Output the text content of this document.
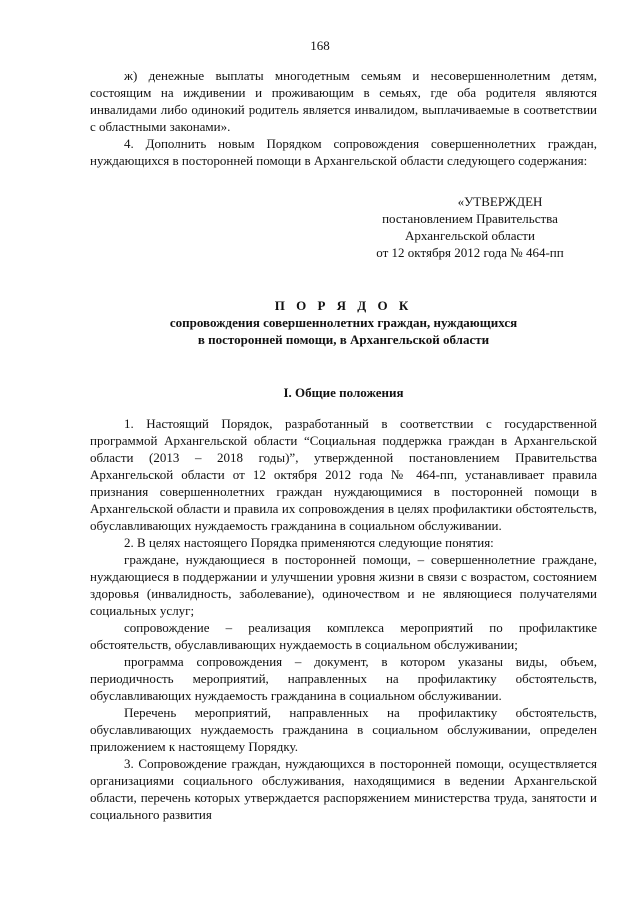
168

ж) денежные выплаты многодетным семьям и несовершеннолетним детям, состоящим на иждивении и проживающим в семьях, где оба родителя являются инвалидами либо одинокий родитель является инвалидом, выплачиваемые в соответствии с областными законами».

4. Дополнить новым Порядком сопровождения совершеннолетних граждан, нуждающихся в посторонней помощи в Архангельской области следующего содержания:

«УТВЕРЖДЕН
постановлением Правительства
Архангельской области
от 12 октября 2012 года № 464-пп
П О Р Я Д О К
сопровождения совершеннолетних граждан, нуждающихся
в посторонней помощи, в Архангельской области
I. Общие положения

1. Настоящий Порядок, разработанный в соответствии с государственной программой Архангельской области “Социальная поддержка граждан в Архангельской области (2013 – 2018 годы)”, утвержденной постановлением Правительства Архангельской области от 12 октября 2012 года № 464-пп, устанавливает правила признания совершеннолетних граждан нуждающимися в посторонней помощи в Архангельской области и правила их сопровождения в целях профилактики обстоятельств, обуславливающих нуждаемость гражданина в социальном обслуживании.

2. В целях настоящего Порядка применяются следующие понятия:

граждане, нуждающиеся в посторонней помощи, – совершеннолетние граждане, нуждающиеся в поддержании и улучшении уровня жизни в связи с возрастом, состоянием здоровья (инвалидность, заболевание), одиночеством и не являющиеся получателями социальных услуг;

сопровождение – реализация комплекса мероприятий по профилактике обстоятельств, обуславливающих нуждаемость в социальном обслуживании;

программа сопровождения – документ, в котором указаны виды, объем, периодичность мероприятий, направленных на профилактику обстоятельств, обуславливающих нуждаемость гражданина в социальном обслуживании.

Перечень мероприятий, направленных на профилактику обстоятельств, обуславливающих нуждаемость гражданина в социальном обслуживании, определен приложением к настоящему Порядку.

3. Сопровождение граждан, нуждающихся в посторонней помощи, осуществляется организациями социального обслуживания, находящимися в ведении Архангельской области, перечень которых утверждается распоряжением министерства труда, занятости и социального развития
